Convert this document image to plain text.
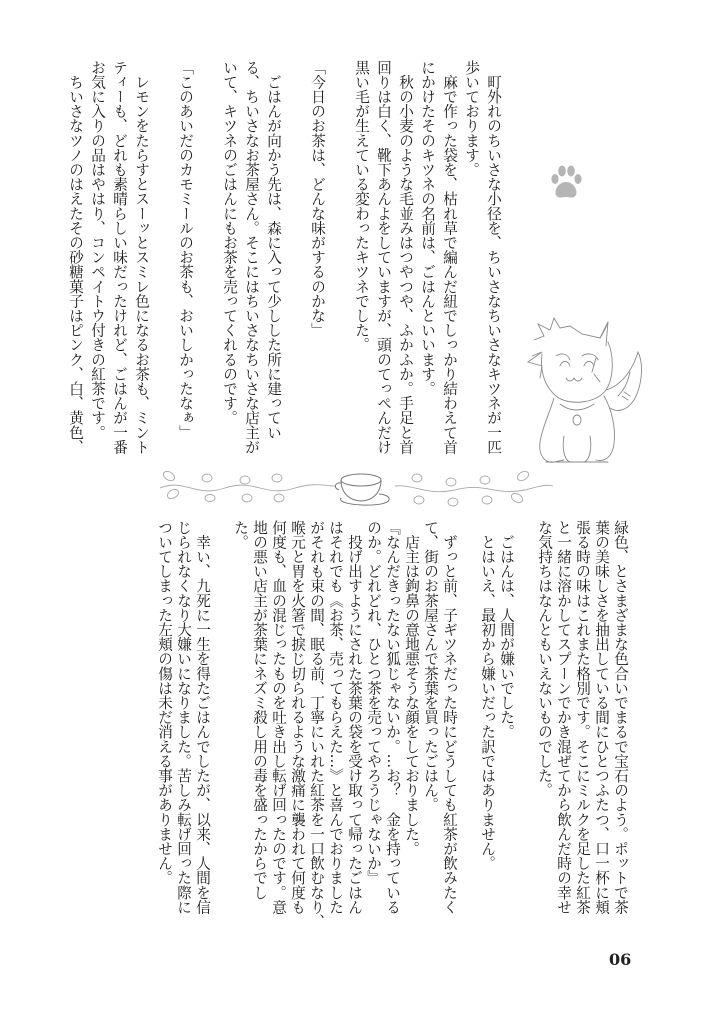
　町外れのちいさな小径を、ちいさなちいさなキツネが一匹

歩いております。

　麻で作った袋を、枯れ草で編んだ紐でしっかり結わえて首

にかけたそのキツネの名前は、ごはんといいます。

　秋の小麦のような毛並みはつやつや、ふかふか。手足と首

回りは白く、靴下あんよをしていますが、頭のてっぺんだけ

黒い毛が生えている変わったキツネでした。

「今日のお茶は、どんな味がするのかな」

　ごはんが向かう先は、森に入って少しした所に建ってい

る、ちいさなお茶屋さん。そこにはちいさなちいさな店主が

いて、キツネのごはんにもお茶を売ってくれるのです。

「このあいだのカモミールのお茶も、おいしかったなぁ」

　レモンをたらすとスーッとスミレ色になるお茶も、ミント

ティーも、どれも素晴らしい味だったけれど、ごはんが一番

お気に入りの品はやはり、コンペイトウ付きの紅茶です。

　ちいさなツノのはえたその砂糖菓子はピンク、白、黄色、

緑色、とさまざまな色合いでまるで宝石のよう。ポットで茶

葉の美味しさを抽出している間にひとつふたつ、口一杯に頬

張る時の味はこれまた格別です。そこにミルクを足した紅茶

と一緒に溶かしてスプーンでかき混ぜてから飲んだ時の幸せ

な気持ちはなんともいえないものでした。

　ごはんは、人間が嫌いでした。

　とはいえ、最初から嫌いだった訳ではありません。

　ずっと前、子ギツネだった時にどうしても紅茶が飲みたく

て、街のお茶屋さんで茶葉を買ったごはん。

　店主は鉤鼻の意地悪そうな顔をしておりました。

『なんだきったない狐じゃないか。…お？　金を持っている

のか。どれどれ、ひとつ茶を売ってやろうじゃないか』

　投げ出すようにされた茶葉の袋を受け取って帰ったごはん

はそれでも《お茶、売ってもらえた…》と喜んでおりました

がそれも束の間、眠る前、丁寧にいれた紅茶を一口飲むなり、

喉元と胃を火箸で捩じ切られるような激痛に襲われて何度も

何度も、血の混じったものを吐き出し転げ回ったのです。意

地の悪い店主が茶葉にネズミ殺し用の毒を盛ったからでし

た。

　幸い、九死に一生を得たごはんでしたが、以来、人間を信

じられなくなり大嫌いになりました。苦しみ転げ回った際に

ついてしまった左頬の傷は未だ消える事がありません。

06
